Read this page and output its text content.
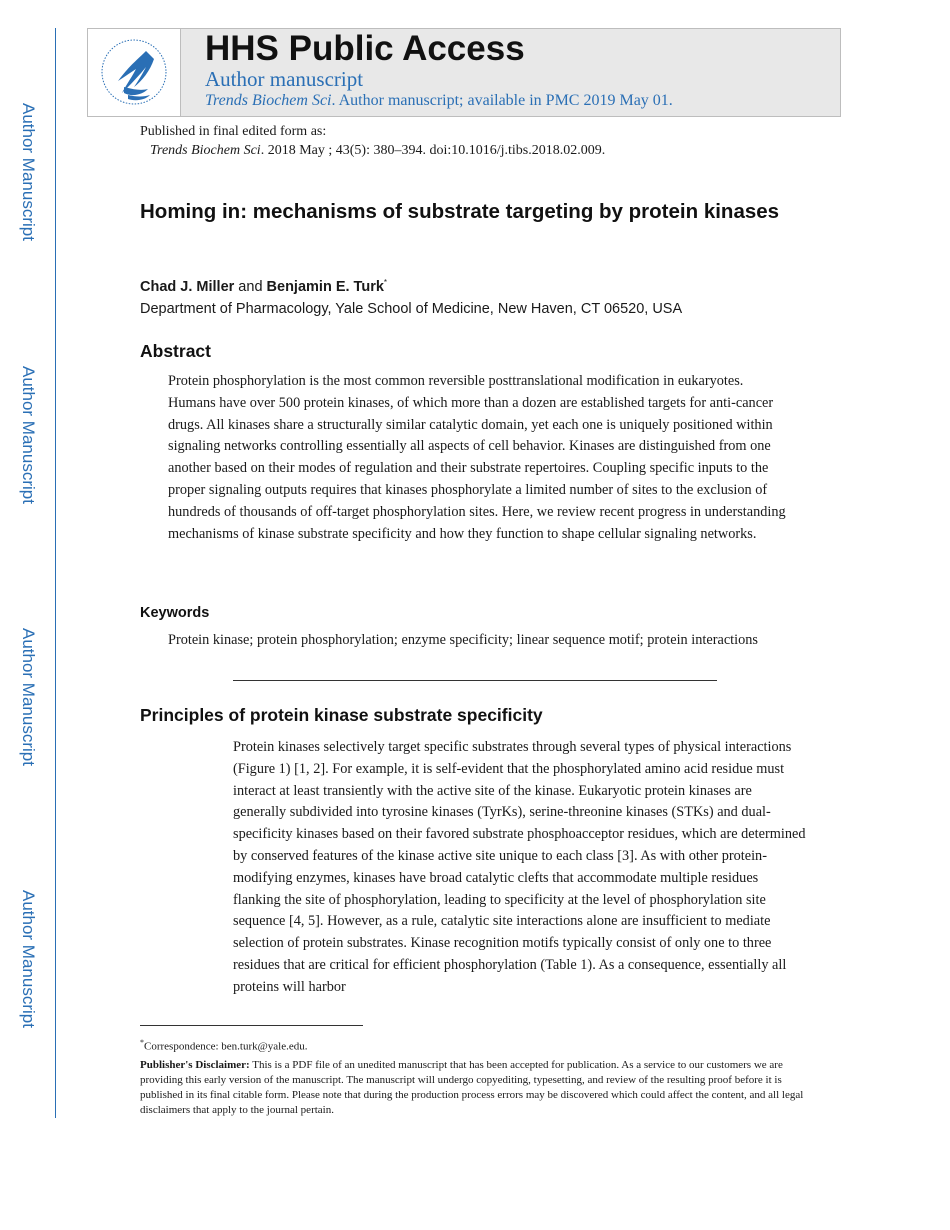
Author Manuscript
Author Manuscript
Author Manuscript
Author Manuscript
HHS Public Access
Author manuscript
Trends Biochem Sci. Author manuscript; available in PMC 2019 May 01.
Published in final edited form as:
Trends Biochem Sci. 2018 May ; 43(5): 380–394. doi:10.1016/j.tibs.2018.02.009.
Homing in: mechanisms of substrate targeting by protein kinases
Chad J. Miller and Benjamin E. Turk*
Department of Pharmacology, Yale School of Medicine, New Haven, CT 06520, USA
Abstract

Protein phosphorylation is the most common reversible posttranslational modification in eukaryotes. Humans have over 500 protein kinases, of which more than a dozen are established targets for anti-cancer drugs. All kinases share a structurally similar catalytic domain, yet each one is uniquely positioned within signaling networks controlling essentially all aspects of cell behavior. Kinases are distinguished from one another based on their modes of regulation and their substrate repertoires. Coupling specific inputs to the proper signaling outputs requires that kinases phosphorylate a limited number of sites to the exclusion of hundreds of thousands of off-target phosphorylation sites. Here, we review recent progress in understanding mechanisms of kinase substrate specificity and how they function to shape cellular signaling networks.

Keywords

Protein kinase; protein phosphorylation; enzyme specificity; linear sequence motif; protein interactions

Principles of protein kinase substrate specificity

Protein kinases selectively target specific substrates through several types of physical interactions (Figure 1) [1, 2]. For example, it is self-evident that the phosphorylated amino acid residue must interact at least transiently with the active site of the kinase. Eukaryotic protein kinases are generally subdivided into tyrosine kinases (TyrKs), serine-threonine kinases (STKs) and dual-specificity kinases based on their favored substrate phosphoacceptor residues, which are determined by conserved features of the kinase active site unique to each class [3]. As with other protein-modifying enzymes, kinases have broad catalytic clefts that accommodate multiple residues flanking the site of phosphorylation, leading to specificity at the level of phosphorylation site sequence [4, 5]. However, as a rule, catalytic site interactions alone are insufficient to mediate selection of protein substrates. Kinase recognition motifs typically consist of only one to three residues that are critical for efficient phosphorylation (Table 1). As a consequence, essentially all proteins will harbor

*Correspondence: ben.turk@yale.edu.
Publisher's Disclaimer: This is a PDF file of an unedited manuscript that has been accepted for publication. As a service to our customers we are providing this early version of the manuscript. The manuscript will undergo copyediting, typesetting, and review of the resulting proof before it is published in its final citable form. Please note that during the production process errors may be discovered which could affect the content, and all legal disclaimers that apply to the journal pertain.
